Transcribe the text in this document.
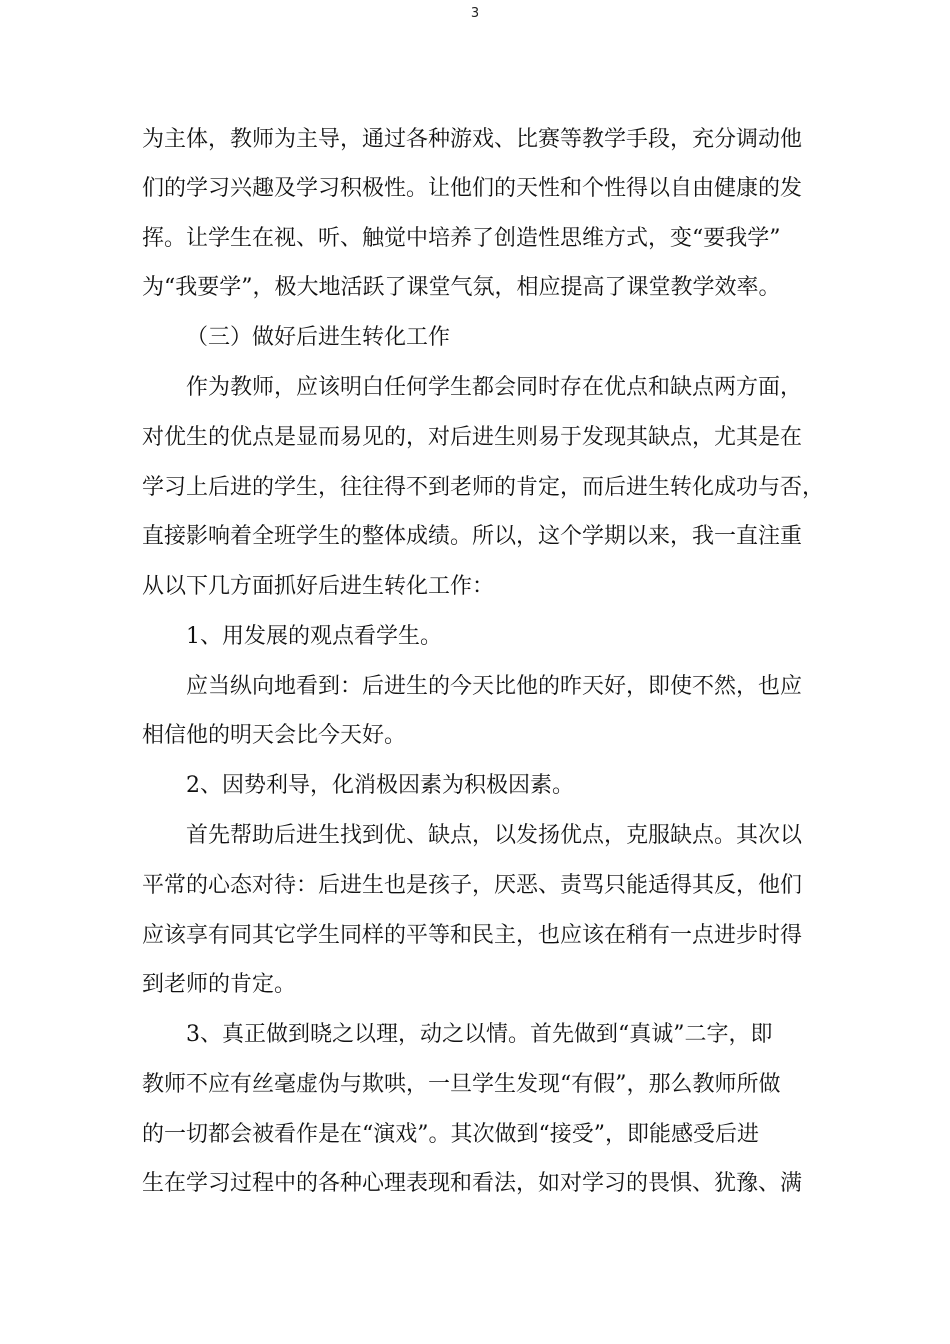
3
为主体，教师为主导，通过各种游戏、比赛等教学手段，充分调动他
们的学习兴趣及学习积极性。让他们的天性和个性得以自由健康的发
挥。让学生在视、听、触觉中培养了创造性思维方式，变“要我学”
为“我要学”，极大地活跃了课堂气氛，相应提高了课堂教学效率。
（三）做好后进生转化工作
作为教师，应该明白任何学生都会同时存在优点和缺点两方面，
对优生的优点是显而易见的，对后进生则易于发现其缺点，尤其是在
学习上后进的学生，往往得不到老师的肯定，而后进生转化成功与否，
直接影响着全班学生的整体成绩。所以，这个学期以来，我一直注重
从以下几方面抓好后进生转化工作：
1、用发展的观点看学生。
应当纵向地看到：后进生的今天比他的昨天好，即使不然，也应
相信他的明天会比今天好。
2、因势利导，化消极因素为积极因素。
首先帮助后进生找到优、缺点，以发扬优点，克服缺点。其次以
平常的心态对待：后进生也是孩子，厌恶、责骂只能适得其反，他们
应该享有同其它学生同样的平等和民主，也应该在稍有一点进步时得
到老师的肯定。
3、真正做到晓之以理，动之以情。首先做到“真诚”二字，即
教师不应有丝毫虚伪与欺哄，一旦学生发现“有假”，那么教师所做
的一切都会被看作是在“演戏”。其次做到“接受”，即能感受后进
生在学习过程中的各种心理表现和看法，如对学习的畏惧、犹豫、满
